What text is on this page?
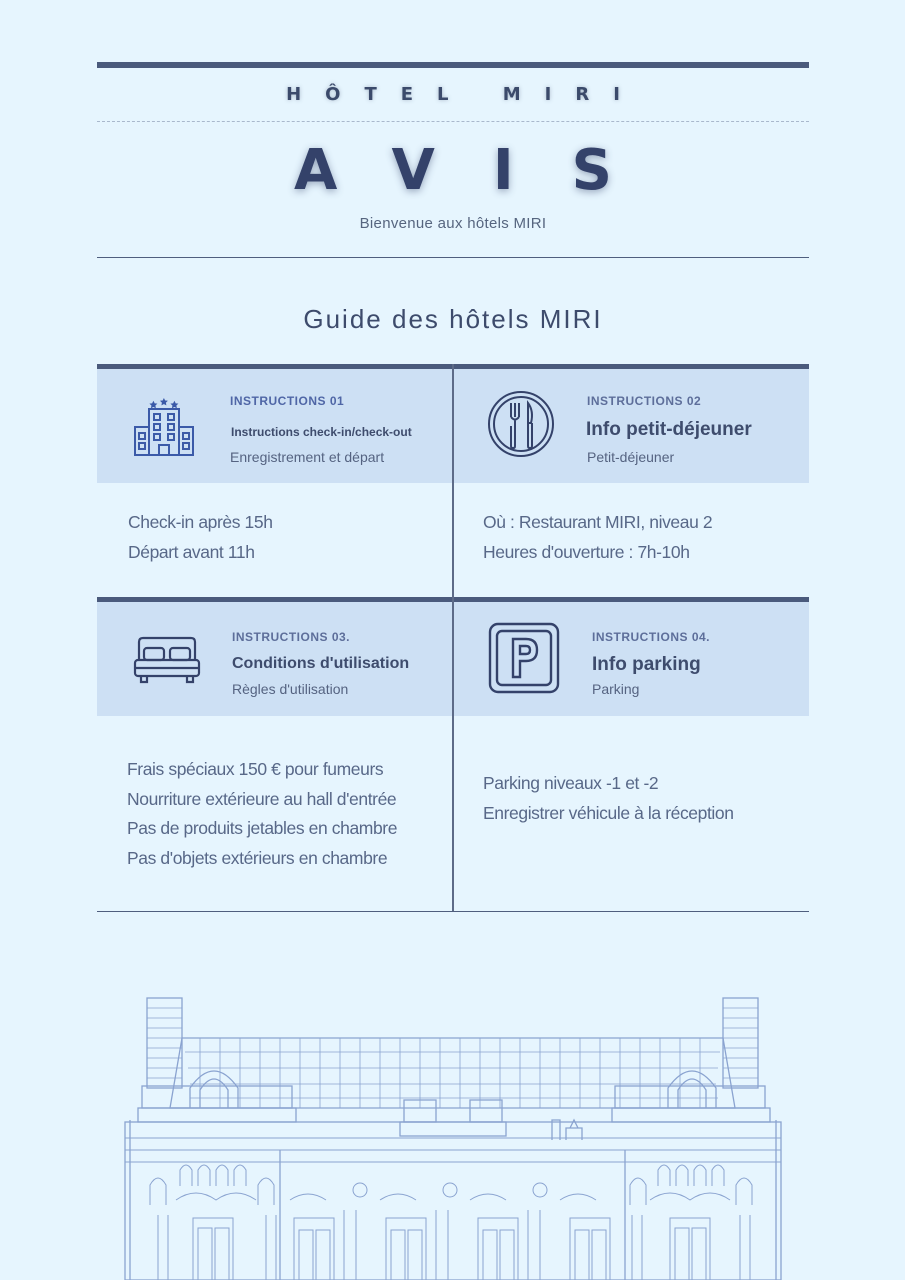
HÔTEL MIRI
AVIS
Bienvenue aux hôtels MIRI
Guide des hôtels MIRI
INSTRUCTIONS 01
Instructions check-in/check-out
Enregistrement et départ
Check-in après 15h
Départ avant 11h
INSTRUCTIONS 02
Info petit-déjeuner
Petit-déjeuner
Où : Restaurant MIRI, niveau 2
Heures d'ouverture : 7h-10h
INSTRUCTIONS 03.
Conditions d'utilisation
Règles d'utilisation
Frais spéciaux 150 € pour fumeurs
Nourriture extérieure au hall d'entrée
Pas de produits jetables en chambre
Pas d'objets extérieurs en chambre
INSTRUCTIONS 04.
Info parking
Parking
Parking niveaux -1 et -2
Enregistrer véhicule à la réception
